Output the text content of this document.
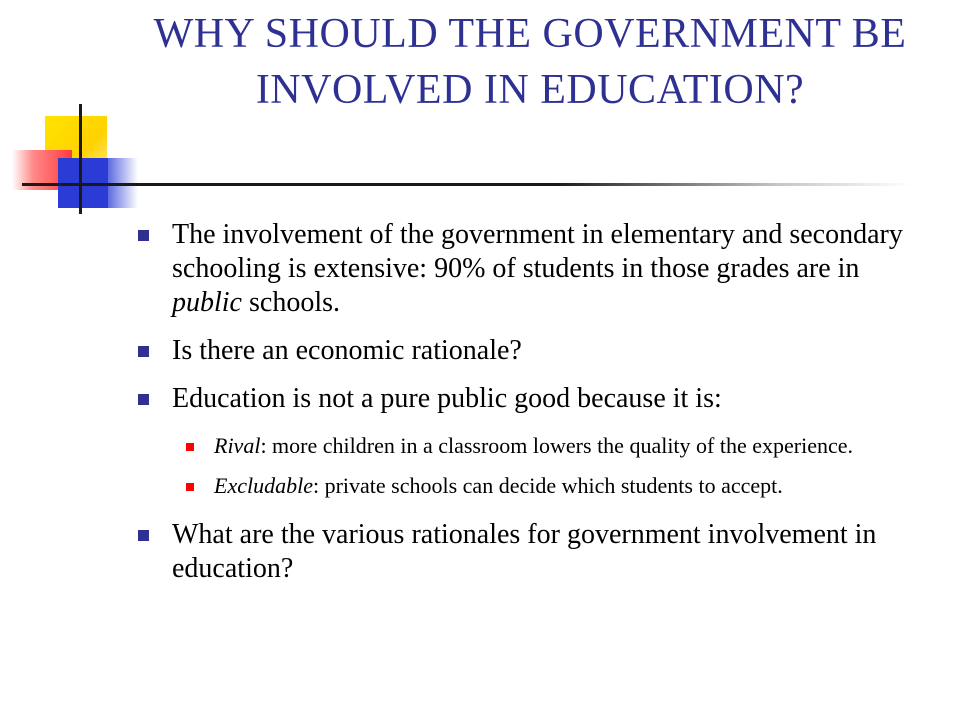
WHY SHOULD THE GOVERNMENT BE INVOLVED IN EDUCATION?
The involvement of the government in elementary and secondary schooling is extensive: 90% of students in those grades are in public schools.
Is there an economic rationale?
Education is not a pure public good because it is:
Rival: more children in a classroom lowers the quality of the experience.
Excludable: private schools can decide which students to accept.
What are the various rationales for government involvement in education?
